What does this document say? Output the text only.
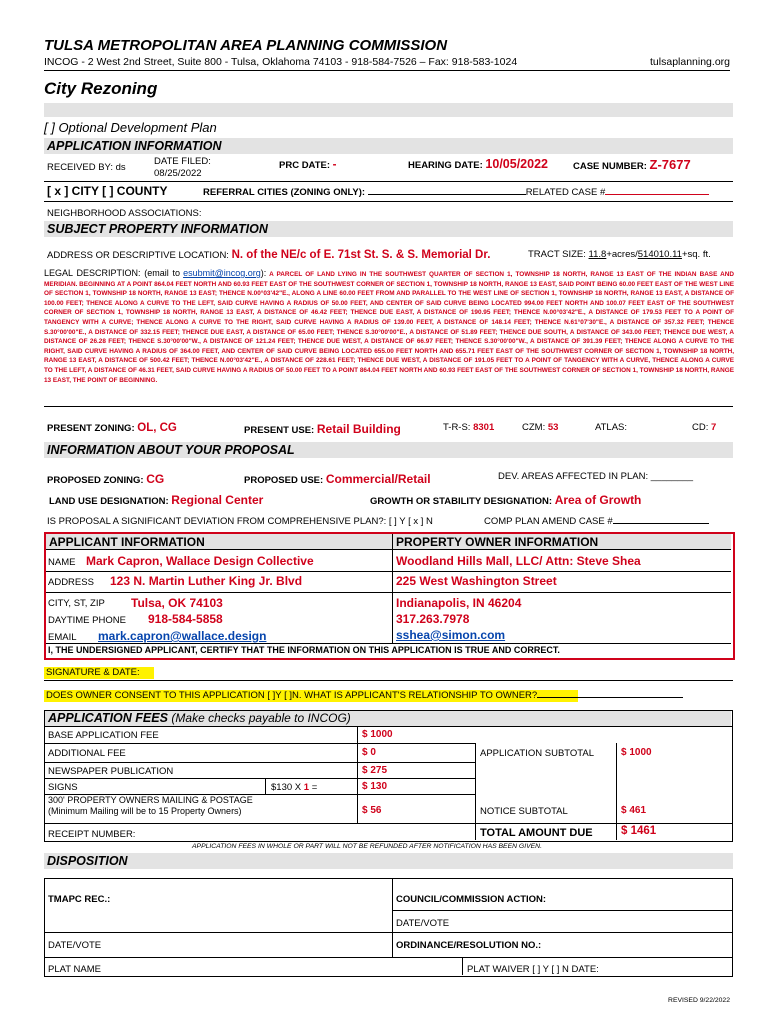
TULSA METROPOLITAN AREA PLANNING COMMISSION
INCOG - 2 West 2nd Street, Suite 800 - Tulsa, Oklahoma 74103 - 918-584-7526 – Fax: 918-583-1024	tulsaplanning.org
City Rezoning
[ ] Optional Development Plan
APPLICATION INFORMATION
RECEIVED BY: ds
DATE FILED:
08/25/2022
PRC DATE: -	HEARING DATE: 10/05/2022	CASE NUMBER: Z-7677
[ x ] CITY [ ] COUNTY	REFERRAL CITIES (ZONING ONLY):	RELATED CASE #
NEIGHBORHOOD ASSOCIATIONS:
SUBJECT PROPERTY INFORMATION
ADDRESS OR DESCRIPTIVE LOCATION: N. of the NE/c of E. 71st St. S. & S. Memorial Dr.	TRACT SIZE: 11.8+acres/514010.11+sq. ft.
LEGAL DESCRIPTION: (email to esubmit@incog.org): A PARCEL OF LAND LYING IN THE SOUTHWEST QUARTER OF SECTION 1, TOWNSHIP 18 NORTH, RANGE 13 EAST OF THE INDIAN BASE AND MERIDIAN. BEGINNING AT A POINT 864.04 FEET NORTH AND 60.93 FEET EAST OF THE SOUTHWEST CORNER OF SECTION 1, TOWNSHIP 18 NORTH, RANGE 13 EAST, SAID POINT BEING 60.00 FEET EAST OF THE WEST LINE OF SECTION 1, TOWNSHIP 18 NORTH, RANGE 13 EAST; THENCE N.00°03'42"E., ALONG A LINE 60.00 FEET FROM AND PARALLEL TO THE WEST LINE OF SECTION 1, TOWNSHIP 18 NORTH, RANGE 13 EAST, A DISTANCE OF 100.00 FEET; THENCE ALONG A CURVE TO THE LEFT, SAID CURVE HAVING A RADIUS OF 50.00 FEET, AND CENTER OF SAID CURVE BEING LOCATED 994.00 FEET NORTH AND 100.07 FEET EAST OF THE SOUTHWEST CORNER OF SECTION 1, TOWNSHIP 18 NORTH, RANGE 13 EAST, A DISTANCE OF 46.42 FEET; THENCE DUE EAST, A DISTANCE OF 190.95 FEET; THENCE N.00°03'42"E., A DISTANCE OF 179.53 FEET TO A POINT OF TANGENCY WITH A CURVE; THENCE ALONG A CURVE TO THE RIGHT, SAID CURVE HAVING A RADIUS OF 139.00 FEET, A DISTANCE OF 148.14 FEET; THENCE N.61°07'30"E., A DISTANCE OF 357.32 FEET; THENCE S.30°00'00"E., A DISTANCE OF 332.15 FEET; THENCE DUE EAST, A DISTANCE OF 65.00 FEET; THENCE S.30°00'00"E., A DISTANCE OF 51.89 FEET; THENCE DUE SOUTH, A DISTANCE OF 343.00 FEET; THENCE DUE WEST, A DISTANCE OF 26.28 FEET; THENCE S.30°00'00"W., A DISTANCE OF 121.24 FEET; THENCE DUE WEST, A DISTANCE OF 66.97 FEET; THENCE S.30°00'00"W., A DISTANCE OF 391.39 FEET; THENCE ALONG A CURVE TO THE RIGHT, SAID CURVE HAVING A RADIUS OF 364.00 FEET, AND CENTER OF SAID CURVE BEING LOCATED 655.00 FEET NORTH AND 655.71 FEET EAST OF THE SOUTHWEST CORNER OF SECTION 1, TOWNSHIP 18 NORTH, RANGE 13 EAST, A DISTANCE OF 500.42 FEET; THENCE N.00°03'42"E., A DISTANCE OF 228.61 FEET; THENCE DUE WEST, A DISTANCE OF 191.05 FEET TO A POINT OF TANGENCY WITH A CURVE, THENCE ALONG A CURVE TO THE LEFT, A DISTANCE OF 46.31 FEET, SAID CURVE HAVING A RADIUS OF 50.00 FEET TO A POINT 864.04 FEET NORTH AND 60.93 FEET EAST OF THE SOUTHWEST CORNER OF SECTION 1, TOWNSHIP 18 NORTH, RANGE 13 EAST, THE POINT OF BEGINNING.
PRESENT ZONING: OL, CG	PRESENT USE: Retail Building	T-R-S: 8301	CZM: 53	ATLAS:	CD: 7
INFORMATION ABOUT YOUR PROPOSAL
PROPOSED ZONING: CG	PROPOSED USE: Commercial/Retail	DEV. AREAS AFFECTED IN PLAN: ________
LAND USE DESIGNATION: Regional Center	GROWTH OR STABILITY DESIGNATION: Area of Growth
IS PROPOSAL A SIGNIFICANT DEVIATION FROM COMPREHENSIVE PLAN?: [ ] Y [ x ] N	COMP PLAN AMEND CASE #
APPLICANT INFORMATION	PROPERTY OWNER INFORMATION
NAME Mark Capron, Wallace Design Collective	Woodland Hills Mall, LLC/ Attn: Steve Shea
ADDRESS 123 N. Martin Luther King Jr. Blvd	225 West Washington Street
CITY, ST, ZIP Tulsa, OK 74103	Indianapolis, IN 46204
DAYTIME PHONE 918-584-5858	317.263.7978
EMAIL mark.capron@wallace.design	sshea@simon.com
I, THE UNDERSIGNED APPLICANT, CERTIFY THAT THE INFORMATION ON THIS APPLICATION IS TRUE AND CORRECT.
SIGNATURE & DATE:
DOES OWNER CONSENT TO THIS APPLICATION [ ]Y [ ]N. WHAT IS APPLICANT'S RELATIONSHIP TO OWNER?
APPLICATION FEES (Make checks payable to INCOG)
BASE APPLICATION FEE	$ 1000
ADDITIONAL FEE	$ 0	APPLICATION SUBTOTAL	$ 1000
NEWSPAPER PUBLICATION	$ 275
SIGNS	$130 X 1 =	$ 130
300' PROPERTY OWNERS MAILING & POSTAGE
(Minimum Mailing will be to 15 Property Owners)	$ 56	NOTICE SUBTOTAL	$ 461
RECEIPT NUMBER:	TOTAL AMOUNT DUE $ 1461
APPLICATION FEES IN WHOLE OR PART WILL NOT BE REFUNDED AFTER NOTIFICATION HAS BEEN GIVEN.
DISPOSITION
TMAPC REC.:	COUNCIL/COMMISSION ACTION:
DATE/VOTE
DATE/VOTE	ORDINANCE/RESOLUTION NO.:
PLAT NAME	PLAT WAIVER [ ] Y [ ] N DATE:
REVISED 9/22/2022
